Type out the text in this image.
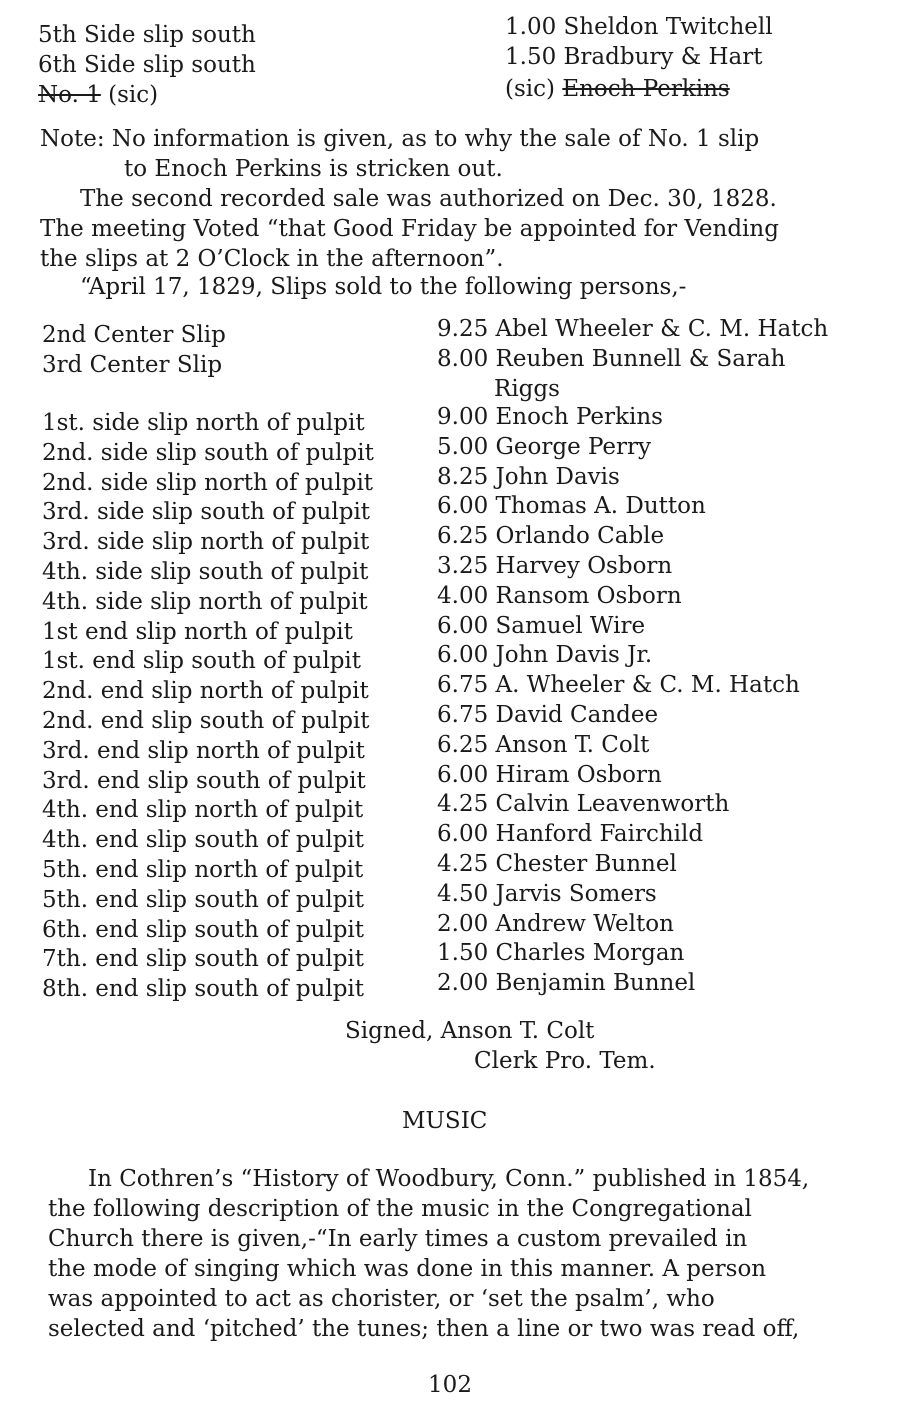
5th Side slip south	1.00 Sheldon Twitchell
6th Side slip south	1.50 Bradbury & Hart
No. 1 (sic)	(sic) Enoch Perkins
Note: No information is given, as to why the sale of No. 1 slip
to Enoch Perkins is stricken out.
The second recorded sale was authorized on Dec. 30, 1828.
The meeting Voted “that Good Friday be appointed for Vending
the slips at 2 O’Clock in the afternoon”.
“April 17, 1829, Slips sold to the following persons,-
2nd Center Slip	9.25 Abel Wheeler & C. M. Hatch
3rd Center Slip	8.00 Reuben Bunnell & Sarah
Riggs
1st. side slip north of pulpit	9.00 Enoch Perkins
2nd. side slip south of pulpit	5.00 George Perry
2nd. side slip north of pulpit	8.25 John Davis
3rd. side slip south of pulpit	6.00 Thomas A. Dutton
3rd. side slip north of pulpit	6.25 Orlando Cable
4th. side slip south of pulpit	3.25 Harvey Osborn
4th. side slip north of pulpit	4.00 Ransom Osborn
1st end slip north of pulpit	6.00 Samuel Wire
1st. end slip south of pulpit	6.00 John Davis Jr.
2nd. end slip north of pulpit	6.75 A. Wheeler & C. M. Hatch
2nd. end slip south of pulpit	6.75 David Candee
3rd. end slip north of pulpit	6.25 Anson T. Colt
3rd. end slip south of pulpit	6.00 Hiram Osborn
4th. end slip north of pulpit	4.25 Calvin Leavenworth
4th. end slip south of pulpit	6.00 Hanford Fairchild
5th. end slip north of pulpit	4.25 Chester Bunnel
5th. end slip south of pulpit	4.50 Jarvis Somers
6th. end slip south of pulpit	2.00 Andrew Welton
7th. end slip south of pulpit	1.50 Charles Morgan
8th. end slip south of pulpit	2.00 Benjamin Bunnel
Signed, Anson T. Colt
Clerk Pro. Tem.
MUSIC
In Cothren’s “History of Woodbury, Conn.” published in 1854,
the following description of the music in the Congregational
Church there is given,-“In early times a custom prevailed in
the mode of singing which was done in this manner. A person
was appointed to act as chorister, or ‘set the psalm’, who
selected and ‘pitched’ the tunes; then a line or two was read off,
102
